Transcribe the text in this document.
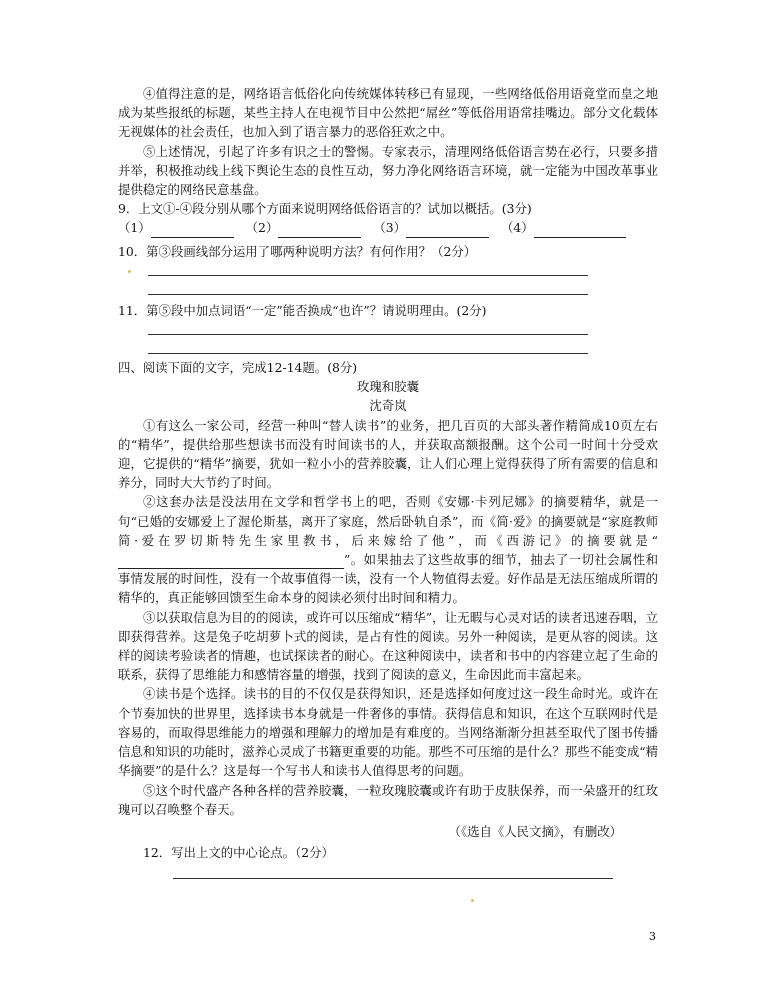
④值得注意的是，网络语言低俗化向传统媒体转移已有显现，一些网络低俗用语竟堂而皇之地成为某些报纸的标题，某些主持人在电视节目中公然把“屌丝”等低俗用语常挂嘴边。部分文化载体无视媒体的社会责任，也加入到了语言暴力的恶俗狂欢之中。

⑤上述情况，引起了许多有识之士的警惕。专家表示，清理网络低俗语言势在必行，只要多措并举，积极推动线上线下舆论生态的良性互动，努力净化网络语言环境，就一定能为中国改革事业提供稳定的网络民意基盘。

9．上文①-④段分别从哪个方面来说明网络低俗语言的？试加以概括。(3分)

（1）	（2）	（3）	（4）

10．第③段画线部分运用了哪两种说明方法？有何作用？（2分）

11．第⑤段中加点词语“一定”能否换成“也许”？请说明理由。(2分)

四、阅读下面的文字，完成12-14题。(8分)

玫瑰和胶囊

沈奇岚

①有这么一家公司，经营一种叫“替人读书”的业务，把几百页的大部头著作精简成10页左右的“精华”，提供给那些想读书而没有时间读书的人，并获取高额报酬。这个公司一时间十分受欢迎，它提供的“精华”摘要，犹如一粒小小的营养胶囊，让人们心理上觉得获得了所有需要的信息和养分，同时大大节约了时间。

②这套办法是没法用在文学和哲学书上的吧，否则《安娜·卡列尼娜》的摘要精华，就是一句“已婚的安娜爱上了渥伦斯基，离开了家庭，然后卧轨自杀”，而《简·爱》的摘要就是“家庭教师简·爱在罗切斯特先生家里教书，后来嫁给了他”，而《西游记》的摘要就是“”。如果抽去了这些故事的细节，抽去了一切社会属性和事情发展的时间性，没有一个故事值得一读，没有一个人物值得去爱。好作品是无法压缩成所谓的精华的，真正能够回馈至生命本身的阅读必须付出时间和精力。

③以获取信息为目的的阅读，或许可以压缩成“精华”，让无暇与心灵对话的读者迅速吞咽，立即获得营养。这是兔子吃胡萝卜式的阅读，是占有性的阅读。另外一种阅读，是更从容的阅读。这样的阅读考验读者的情趣，也试探读者的耐心。在这种阅读中，读者和书中的内容建立起了生命的联系，获得了思维能力和感情容量的增强，找到了阅读的意义，生命因此而丰富起来。

④读书是个选择。读书的目的不仅仅是获得知识，还是选择如何度过这一段生命时光。或许在个节奏加快的世界里，选择读书本身就是一件奢侈的事情。获得信息和知识，在这个互联网时代是容易的，而取得思维能力的增强和理解力的增加是有难度的。当网络渐渐分担甚至取代了图书传播信息和知识的功能时，滋养心灵成了书籍更重要的功能。那些不可压缩的是什么？那些不能变成“精华摘要”的是什么？这是每一个写书人和读书人值得思考的问题。

⑤这个时代盛产各种各样的营养胶囊，一粒玫瑰胶囊或许有助于皮肤保养，而一朵盛开的红玫瑰可以召唤整个春天。

（《选自《人民文摘》，有删改）

12．写出上文的中心论点。（2分）

3
